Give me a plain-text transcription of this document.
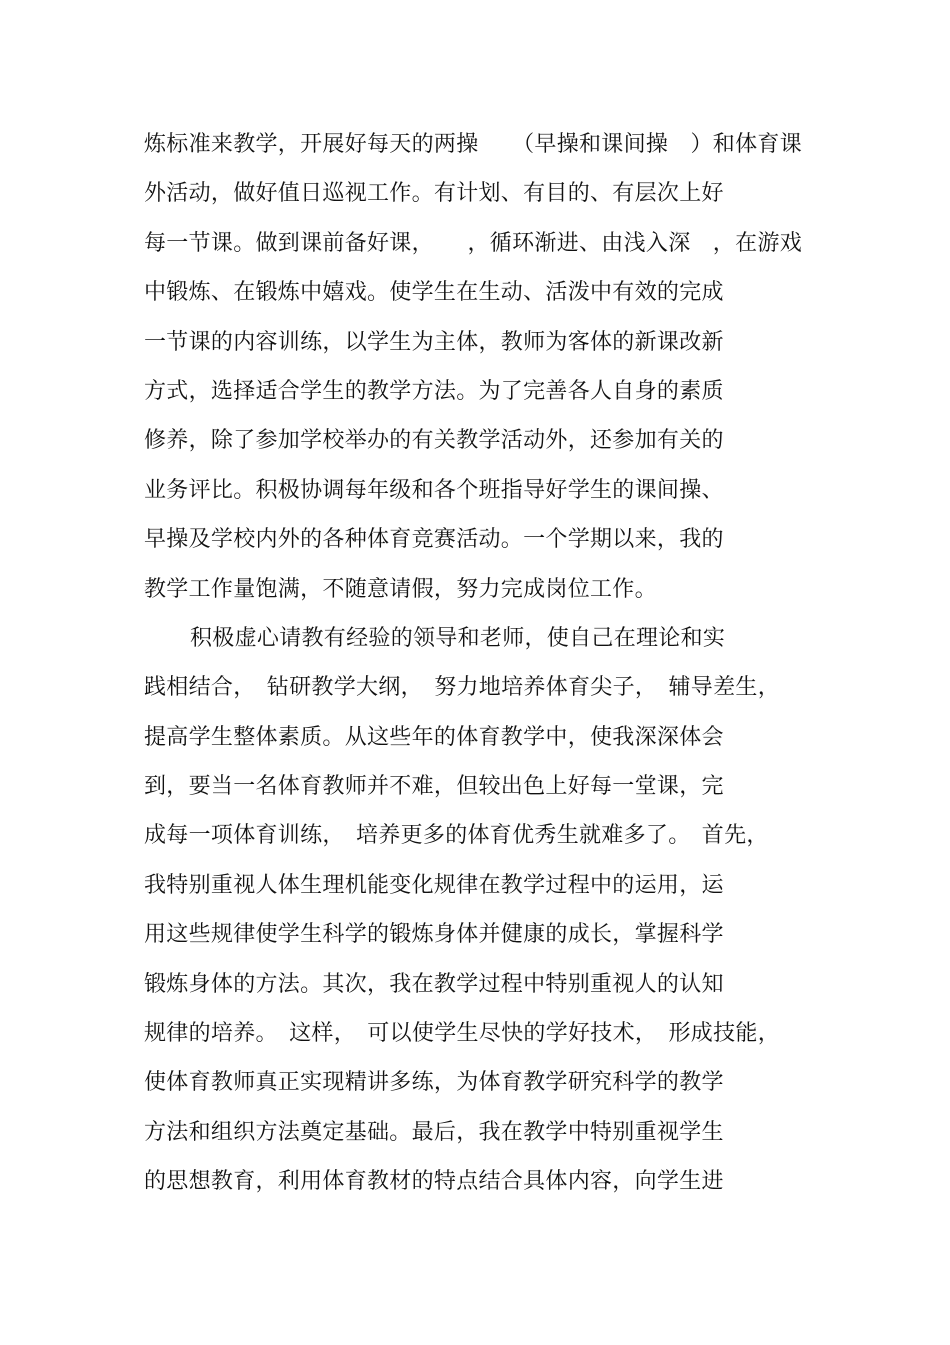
炼标准来教学，开展好每天的两操　　（早操和课间操　）和体育课
外活动，做好值日巡视工作。有计划、有目的、有层次上好
每一节课。做到课前备好课，　　，循环渐进、由浅入深　，在游戏
中锻炼、在锻炼中嬉戏。使学生在生动、活泼中有效的完成
一节课的内容训练，以学生为主体，教师为客体的新课改新
方式，选择适合学生的教学方法。为了完善各人自身的素质
修养，除了参加学校举办的有关教学活动外，还参加有关的
业务评比。积极协调每年级和各个班指导好学生的课间操、
早操及学校内外的各种体育竞赛活动。一个学期以来，我的
教学工作量饱满，不随意请假，努力完成岗位工作。
积极虚心请教有经验的领导和老师，使自己在理论和实
践相结合，　钻研教学大纲，　努力地培养体育尖子，　辅导差生，
提高学生整体素质。从这些年的体育教学中，使我深深体会
到，要当一名体育教师并不难，但较出色上好每一堂课，完
成每一项体育训练，　培养更多的体育优秀生就难多了。　首先，
我特别重视人体生理机能变化规律在教学过程中的运用，运
用这些规律使学生科学的锻炼身体并健康的成长，掌握科学
锻炼身体的方法。其次，我在教学过程中特别重视人的认知
规律的培养。　这样，　可以使学生尽快的学好技术，　形成技能，
使体育教师真正实现精讲多练，为体育教学研究科学的教学
方法和组织方法奠定基础。最后，我在教学中特别重视学生
的思想教育，利用体育教材的特点结合具体内容，向学生进
